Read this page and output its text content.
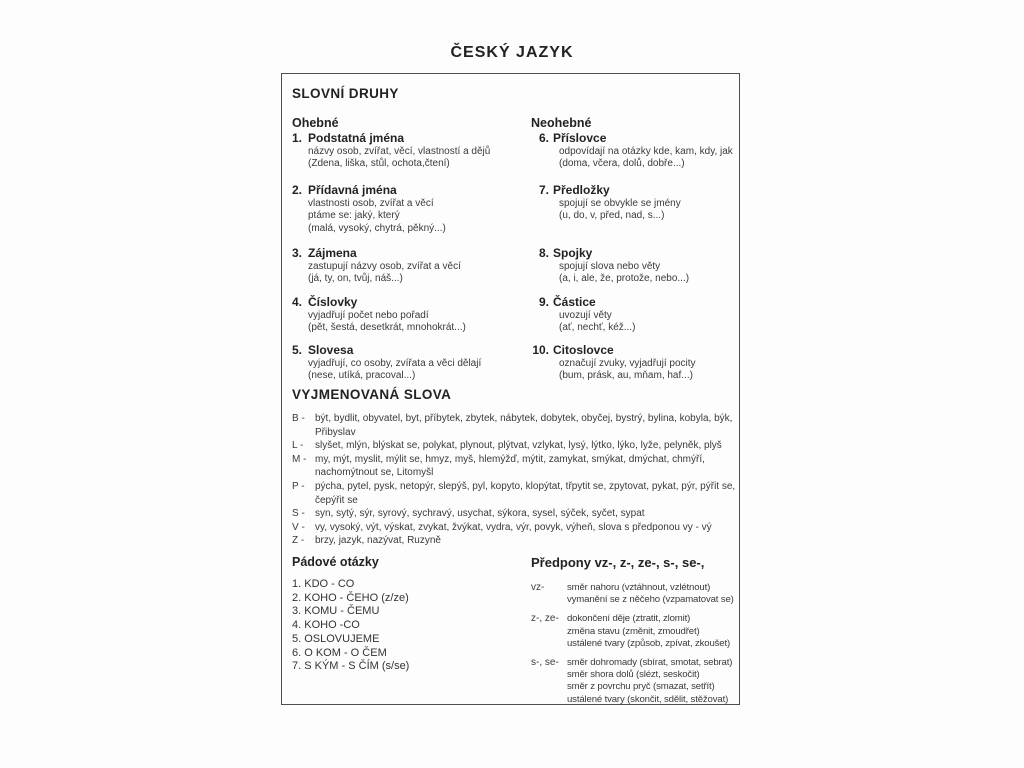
ČESKÝ JAZYK
SLOVNÍ DRUHY
Ohebné	Neohebné
1. Podstatná jména
názvy osob, zvířat, věcí, vlastností a dějů
(Zdena, liška, stůl, ochota,čtení)
6. Příslovce
odpovídají na otázky kde, kam, kdy, jak
(doma, včera, dolů, dobře...)
2. Přídavná jména
vlastnosti osob, zvířat a věcí
ptáme se: jaký, který
(malá, vysoký, chytrá, pěkný...)
7. Předložky
spojují se obvykle se jmény
(u, do, v, před, nad, s...)
3. Zájmena
zastupují názvy osob, zvířat a věcí
(já, ty, on, tvůj, náš...)
8. Spojky
spojují slova nebo věty
(a, i, ale, že, protože, nebo...)
4. Číslovky
vyjadřují počet nebo pořadí
(pět, šestá, desetkrát, mnohokrát...)
9. Částice
uvozují věty
(ať, nechť, kéž...)
5. Slovesa
vyjadřují, co osoby, zvířata a věci dělají
(nese, utíká, pracoval...)
10. Citoslovce
označují zvuky, vyjadřují pocity
(bum, prásk, au, mňam, haf...)
VYJMENOVANÁ SLOVA
B -	být, bydlit, obyvatel, byt, příbytek, zbytek, nábytek, dobytek, obyčej, bystrý, bylina, kobyla, býk,
Přibyslav
L -	slyšet, mlýn, blýskat se, polykat, plynout, plýtvat, vzlykat, lysý, lýtko, lýko, lyže, pelyněk, plyš
M - my, mýt, myslit, mýlit se, hmyz, myš, hlemýžď, mýtit, zamykat, smýkat, dmýchat, chmýří,
nachomýtnout se, Litomyšl
P -	pýcha, pytel, pysk, netopýr, slepýš, pyl, kopyto, klopýtat, třpytit se, zpytovat, pykat, pýr, pýřit se,
čepýřit se
S -	syn, sytý, sýr, syrový, sychravý, usychat, sýkora, sysel, sýček, syčet, sypat
V -	vy, vysoký, výt, výskat, zvykat, žvýkat, vydra, výr, povyk, výheň, slova s předponou vy - vý
Z -	brzy, jazyk, nazývat, Ruzyně
Pádové otázky
1. KDO - CO
2. KOHO - ČEHO (z/ze)
3. KOMU - ČEMU
4. KOHO -CO
5. OSLOVUJEME
6. O KOM - O ČEM
7. S KÝM - S ČÍM (s/se)
Předpony vz-, z-, ze-, s-, se-,
vz-	směr nahoru (vztáhnout, vzlétnout)
vymanění se z něčeho (vzpamatovat se)
z-, ze- dokončení děje (ztratit, zlomit)
změna stavu (změnit, zmoudřet)
ustálené tvary (způsob, zpívat, zkoušet)
s-, se- směr dohromady (sbírat, smotat, sebrat)
směr shora dolů (slézt, seskočit)
směr z povrchu pryč (smazat, setřít)
ustálené tvary (skončit, sdělit, stěžovat)
